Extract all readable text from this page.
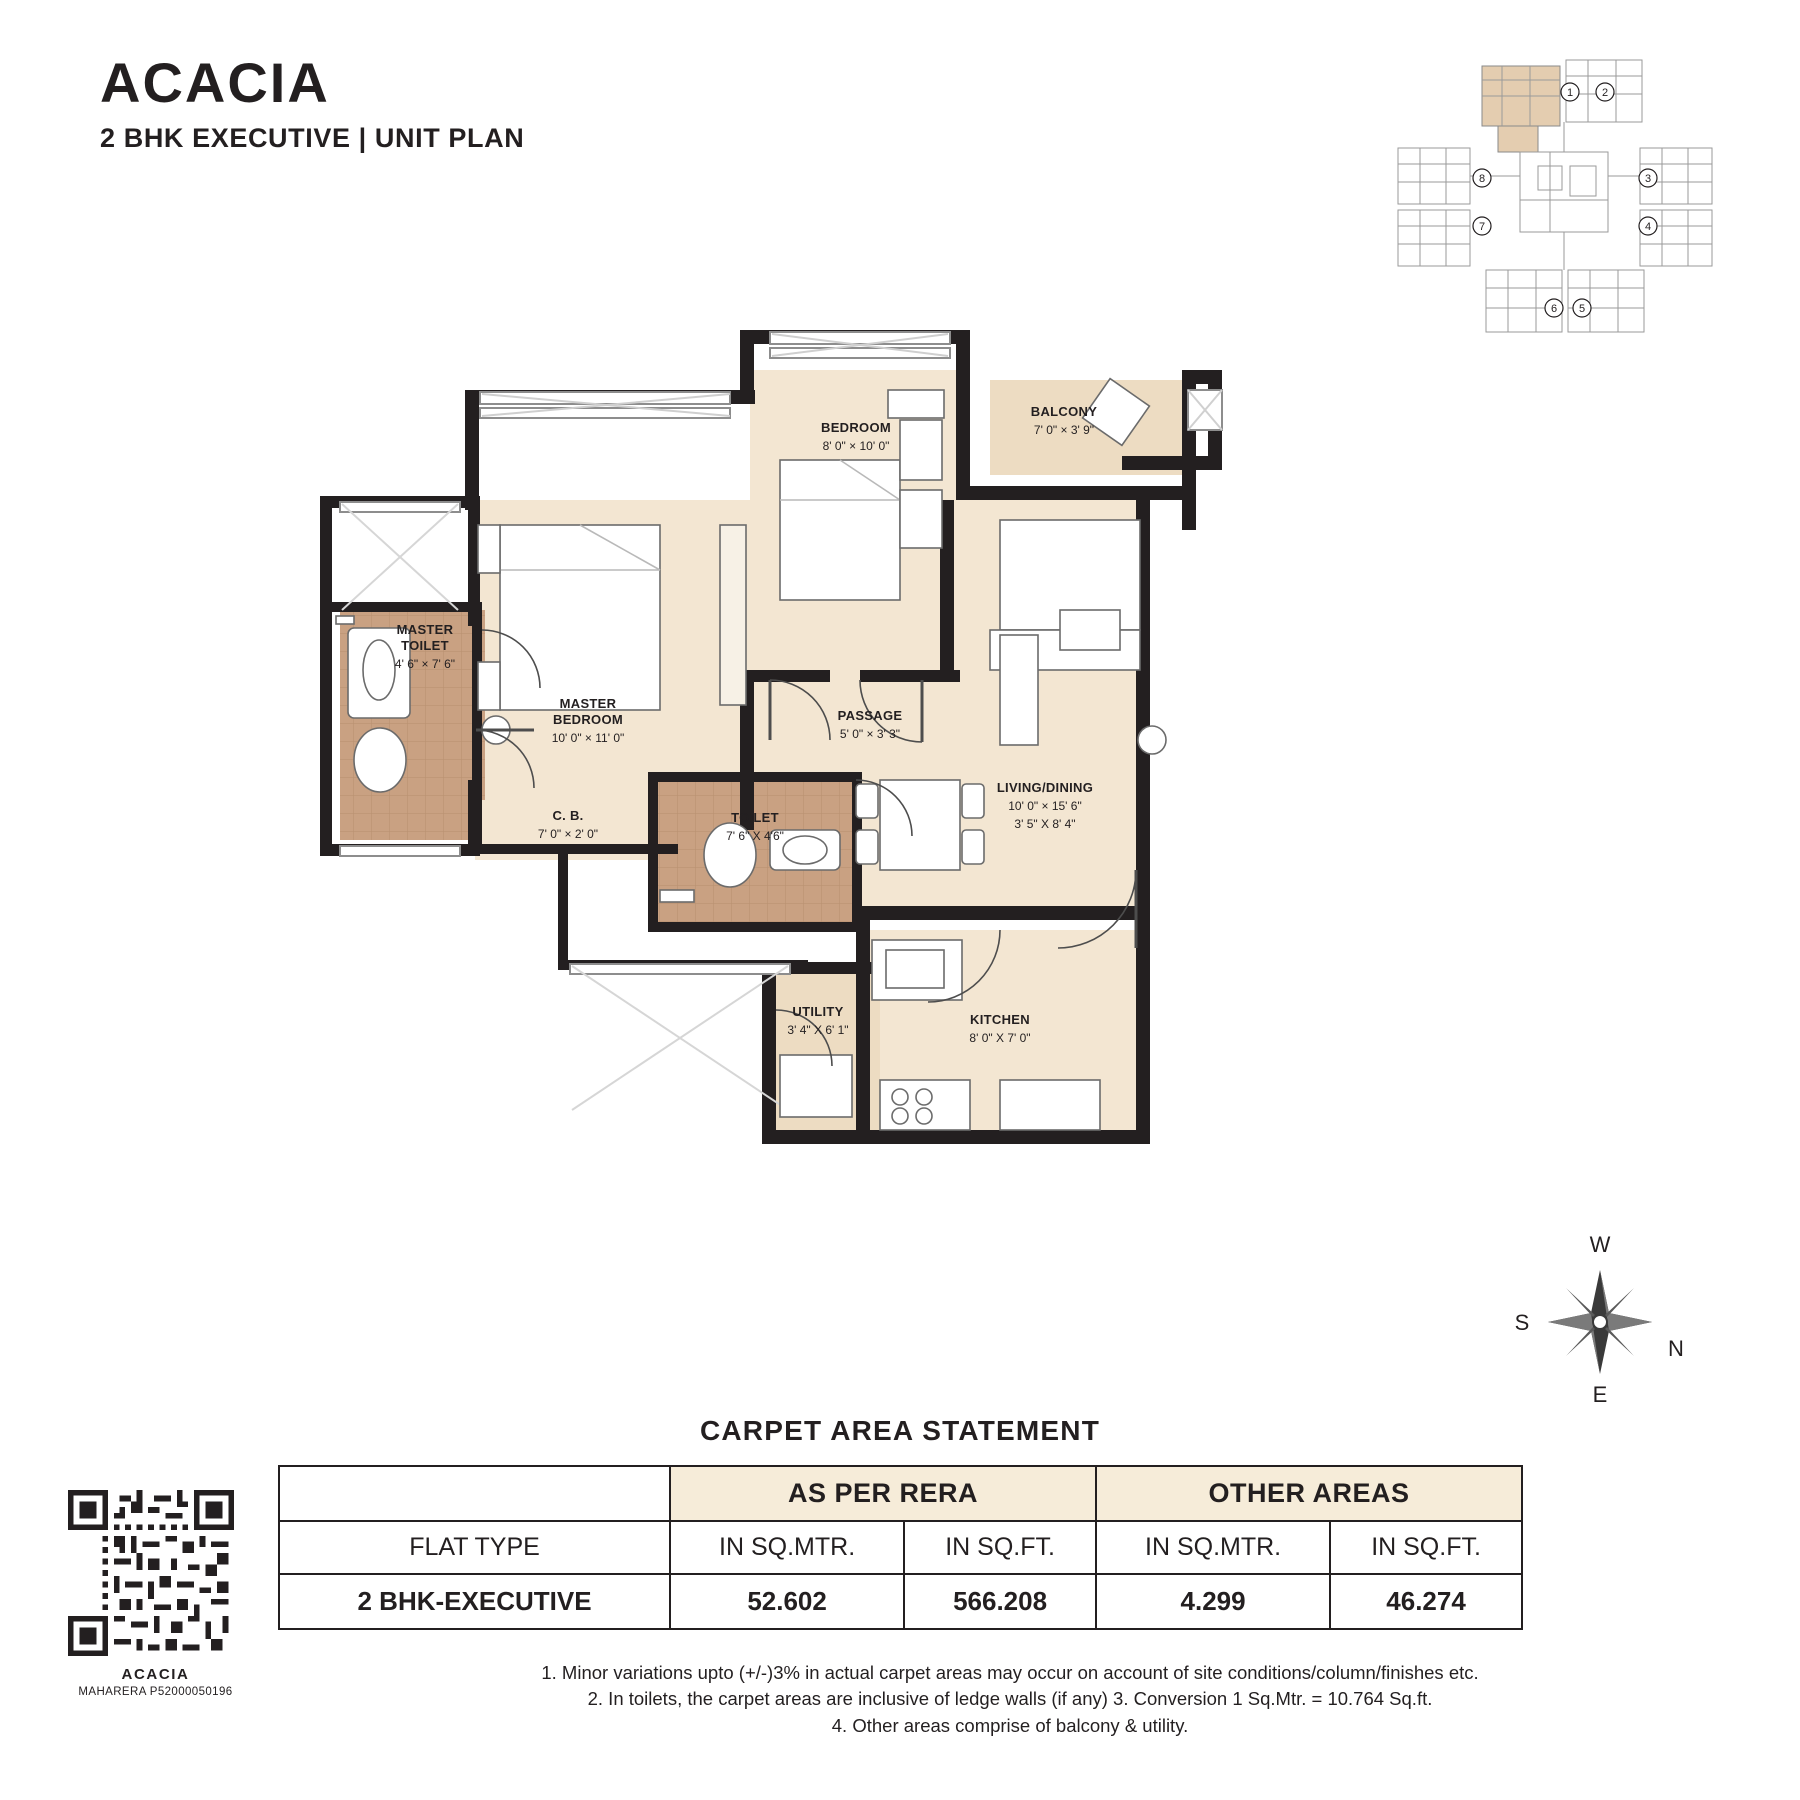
ACACIA
2 BHK EXECUTIVE | UNIT PLAN
1	2
3
4
5
6
7
8
BEDROOM
8' 0" × 10' 0"
BALCONY
7' 0" × 3' 9"
MASTER
TOILET
4' 6" × 7' 6"
MASTER
BEDROOM
10' 0" × 11' 0"
C. B.
7' 0" × 2' 0"
TOILET
7' 6" X 4'6"
PASSAGE
5' 0" × 3' 3"
LIVING/DINING
10' 0" × 15' 6"
3' 5" X 8' 4"
UTILITY
3' 4" X 6' 1"
KITCHEN
8' 0" X 7' 0"
W
N
E
S
CARPET AREA STATEMENT
	AS PER RERA		OTHER AREAS	
FLAT TYPE	IN SQ.MTR.	IN SQ.FT.	IN SQ.MTR.	IN SQ.FT.
2 BHK-EXECUTIVE	52.602	566.208	4.299	46.274
ACACIA
MAHARERA P52000050196
1. Minor variations upto (+/-)3% in actual carpet areas may occur on account of site conditions/column/finishes etc.
2. In toilets, the carpet areas are inclusive of ledge walls (if any) 3. Conversion 1 Sq.Mtr. = 10.764 Sq.ft.
4. Other areas comprise of balcony & utility.
